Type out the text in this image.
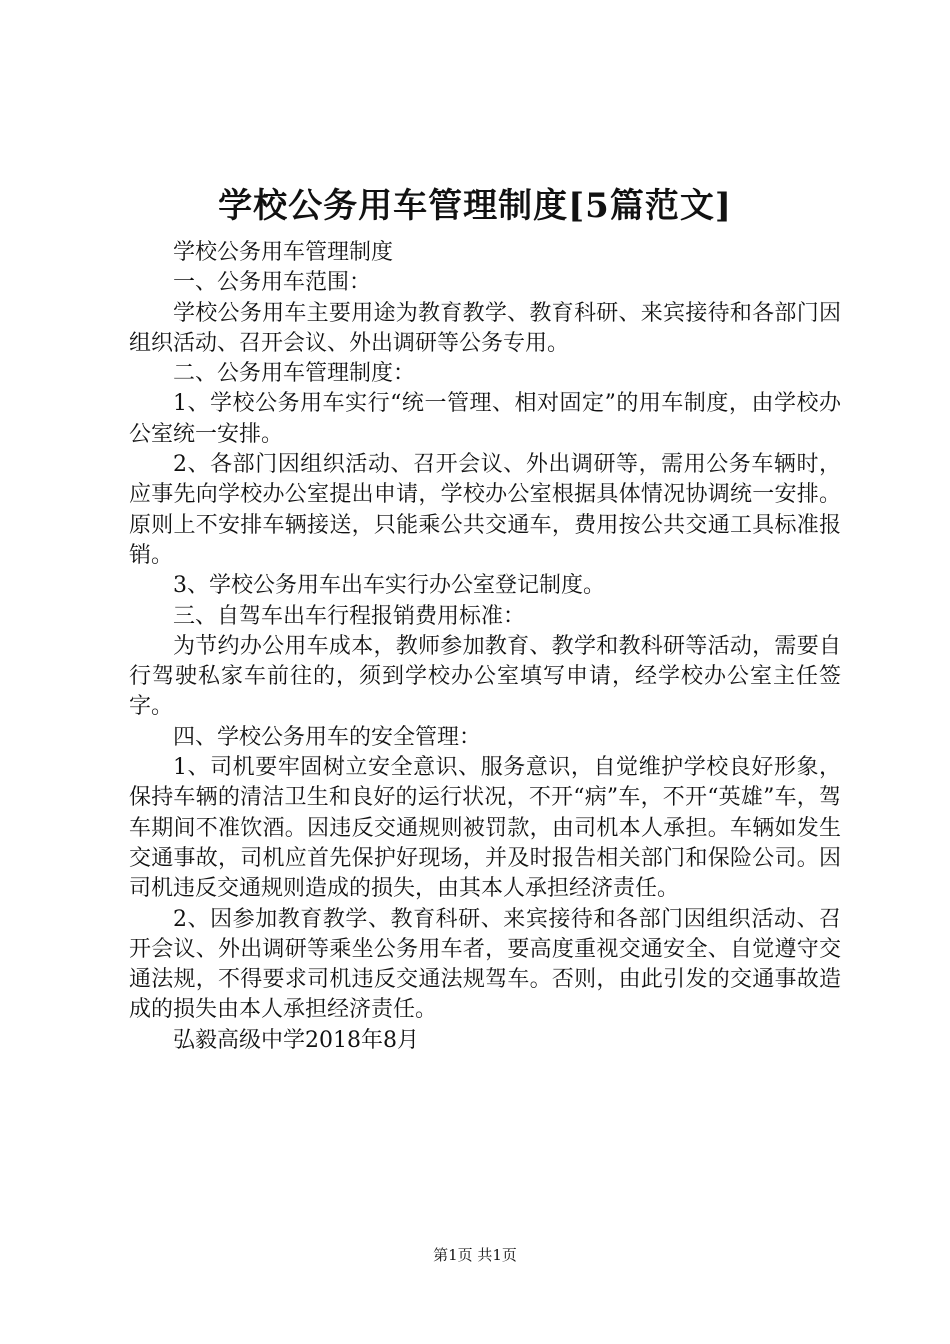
学校公务用车管理制度[5篇范文]

学校公务用车管理制度

一、公务用车范围：

学校公务用车主要用途为教育教学、教育科研、来宾接待和各部门因组织活动、召开会议、外出调研等公务专用。

二、公务用车管理制度：

1、学校公务用车实行“统一管理、相对固定”的用车制度，由学校办公室统一安排。

2、各部门因组织活动、召开会议、外出调研等，需用公务车辆时，应事先向学校办公室提出申请，学校办公室根据具体情况协调统一安排。原则上不安排车辆接送，只能乘公共交通车，费用按公共交通工具标准报销。

3、学校公务用车出车实行办公室登记制度。

三、自驾车出车行程报销费用标准：

为节约办公用车成本，教师参加教育、教学和教科研等活动，需要自行驾驶私家车前往的，须到学校办公室填写申请，经学校办公室主任签字。

四、学校公务用车的安全管理：

1、司机要牢固树立安全意识、服务意识，自觉维护学校良好形象，保持车辆的清洁卫生和良好的运行状况，不开“病”车，不开“英雄”车，驾车期间不准饮酒。因违反交通规则被罚款，由司机本人承担。车辆如发生交通事故，司机应首先保护好现场，并及时报告相关部门和保险公司。因司机违反交通规则造成的损失，由其本人承担经济责任。

2、因参加教育教学、教育科研、来宾接待和各部门因组织活动、召开会议、外出调研等乘坐公务用车者，要高度重视交通安全、自觉遵守交通法规，不得要求司机违反交通法规驾车。否则，由此引发的交通事故造成的损失由本人承担经济责任。

弘毅高级中学2018年8月

第1页 共1页
